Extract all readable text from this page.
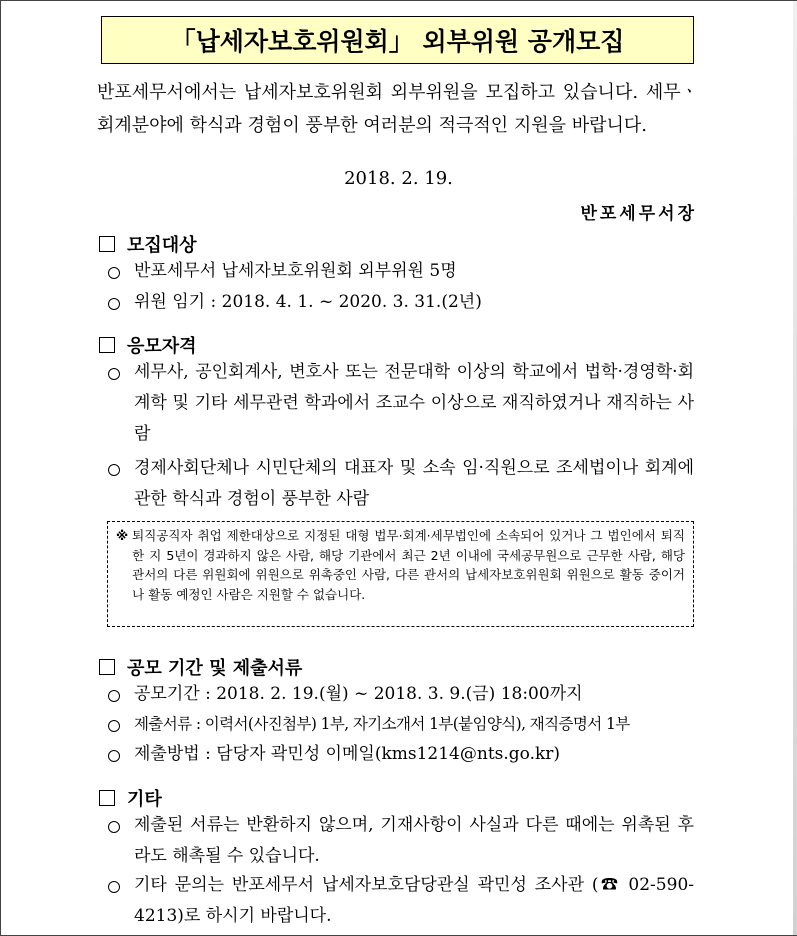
「납세자보호위원회」 외부위원 공개모집
반포세무서에서는 납세자보호위원회 외부위원을 모집하고 있습니다. 세무ㆍ회계분야에 학식과 경험이 풍부한 여러분의 적극적인 지원을 바랍니다.
2018. 2. 19.
반포세무서장
모집대상
반포세무서 납세자보호위원회 외부위원 5명
위원 임기 : 2018. 4. 1. ~ 2020. 3. 31.(2년)
응모자격
세무사, 공인회계사, 변호사 또는 전문대학 이상의 학교에서 법학·경영학·회계학 및 기타 세무관련 학과에서 조교수 이상으로 재직하였거나 재직하는 사람
경제사회단체나 시민단체의 대표자 및 소속 임·직원으로 조세법이나 회계에 관한 학식과 경험이 풍부한 사람
※ 퇴직공직자 취업 제한대상으로 지정된 대형 법무·회계·세무법인에 소속되어 있거나 그 법인에서 퇴직한 지 5년이 경과하지 않은 사람, 해당 기관에서 최근 2년 이내에 국세공무원으로 근무한 사람, 해당 관서의 다른 위원회에 위원으로 위촉중인 사람, 다른 관서의 납세자보호위원회 위원으로 활동 중이거나 활동 예정인 사람은 지원할 수 없습니다.
공모 기간 및 제출서류
공모기간 : 2018. 2. 19.(월) ~ 2018. 3. 9.(금) 18:00까지
제출서류 : 이력서(사진첨부) 1부, 자기소개서 1부(붙임양식), 재직증명서 1부
제출방법 : 담당자 곽민성 이메일(kms1214@nts.go.kr)
기타
제출된 서류는 반환하지 않으며, 기재사항이 사실과 다른 때에는 위촉된 후라도 해촉될 수 있습니다.
기타 문의는 반포세무서 납세자보호담당관실 곽민성 조사관 (☎ 02-590-4213)로 하시기 바랍니다.
